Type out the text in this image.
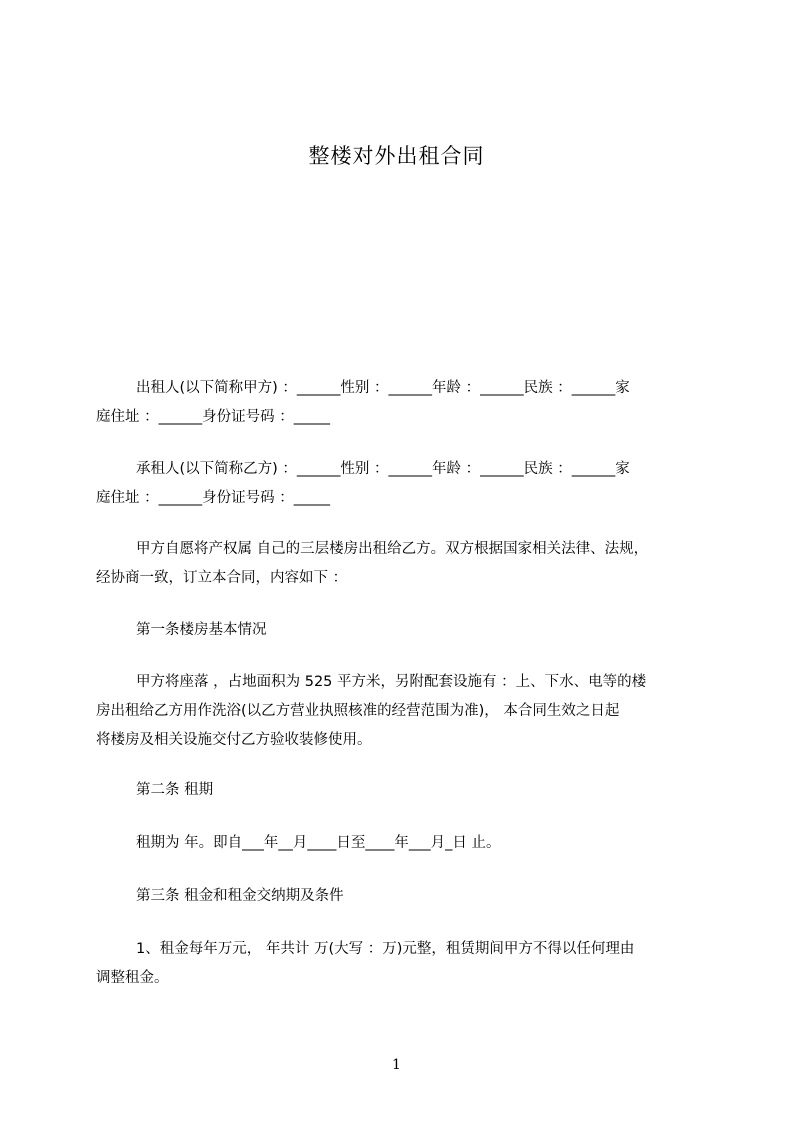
整楼对外出租合同
出租人(以下简称甲方) ：______性别 ：______年龄 ：______民族 ：______家
庭住址 ：______身份证号码 ：_____
承租人(以下简称乙方) ：______性别 ：______年龄 ：______民族 ：______家
庭住址 ：______身份证号码 ：_____
甲方自愿将产权属 自己的三层楼房出租给乙方。双方根据国家相关法律、法规，
经协商一致，订立本合同，内容如下 ：
第一条楼房基本情况
甲方将座落 ，占地面积为 525 平方米，另附配套设施有 ：上、下水、电等的楼
房出租给乙方用作洗浴(以乙方营业执照核准的经营范围为准)， 本合同生效之日起
将楼房及相关设施交付乙方验收装修使用。
第二条 租期
租期为 年。即自___年__月____日至____年___月_日 止。
第三条 租金和租金交纳期及条件
1、租金每年万元， 年共计 万(大写 ：万)元整，租赁期间甲方不得以任何理由
调整租金。
1
